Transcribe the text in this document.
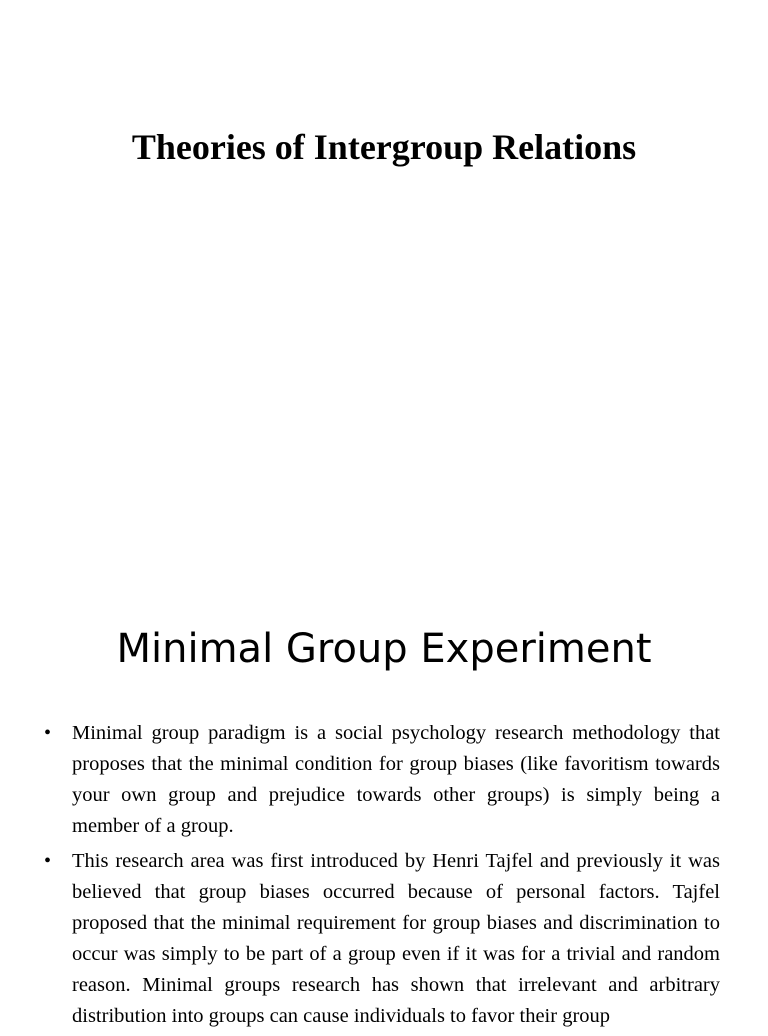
Theories of Intergroup Relations
Minimal Group Experiment
• Minimal group paradigm is a social psychology research methodology that proposes that the minimal condition for group biases (like favoritism towards your own group and prejudice towards other groups) is simply being a member of a group.
• This research area was first introduced by Henri Tajfel and previously it was believed that group biases occurred because of personal factors. Tajfel proposed that the minimal requirement for group biases and discrimination to occur was simply to be part of a group even if it was for a trivial and random reason. Minimal groups research has shown that irrelevant and arbitrary distribution into groups can cause individuals to favor their group
